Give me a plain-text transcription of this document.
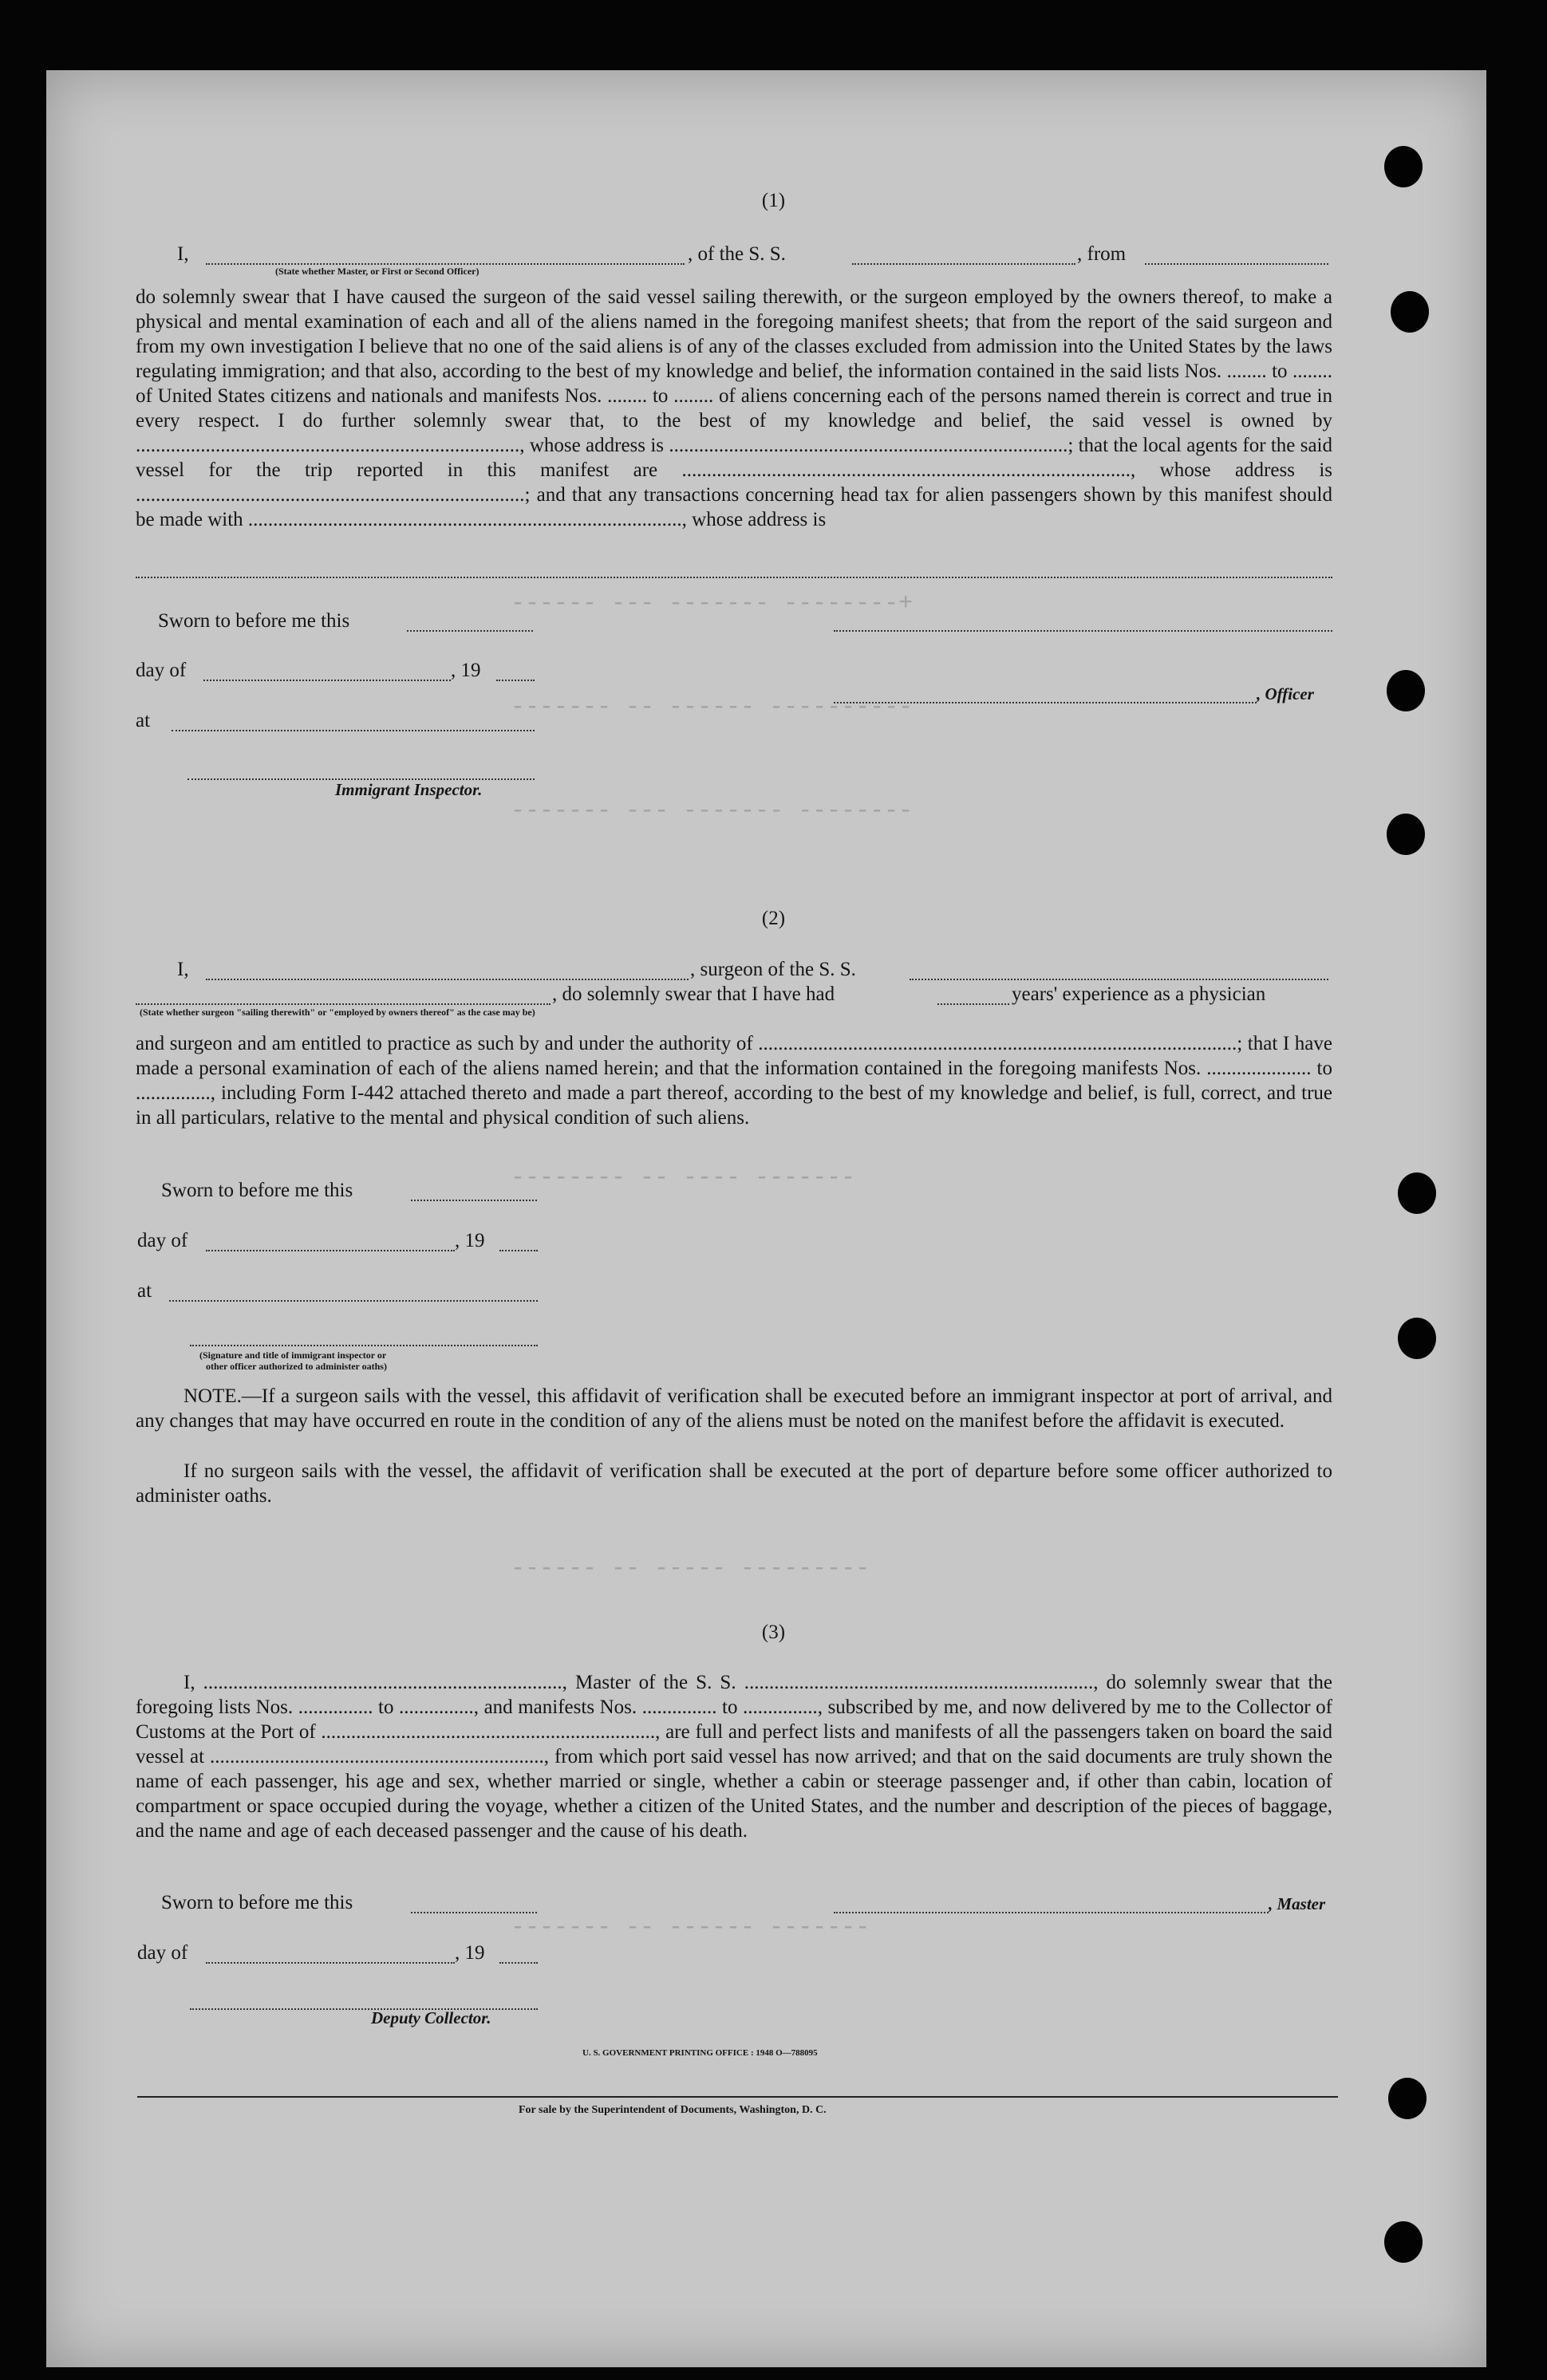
+-------- ------- --- ------
---------- ------ -- -------
-------- ------- --- -------
------- ---- -- --------
--------- ----- -- ------
------- ------ -- -------
(1)
I,	, of the S. S.	, from
(State whether Master, or First or Second Officer)
do solemnly swear that I have caused the surgeon of the said vessel sailing therewith, or the surgeon employed by the owners thereof, to make a physical and mental examination of each and all of the aliens named in the foregoing manifest sheets; that from the report of the said surgeon and from my own investigation I believe that no one of the said aliens is of any of the classes excluded from admission into the United States by the laws regulating immigration; and that also, according to the best of my knowledge and belief, the information contained in the said lists Nos. ........ to ........ of United States citizens and nationals and manifests Nos. ........ to ........ of aliens concerning each of the persons named therein is correct and true in every respect. I do further solemnly swear that, to the best of my knowledge and belief, the said vessel is owned by ............................................................................., whose address is ................................................................................; that the local agents for the said vessel for the trip reported in this manifest are .........................................................................................., whose address is ..............................................................................; and that any transactions concerning head tax for alien passengers shown by this manifest should be made with ......................................................................................., whose address is
Sworn to before me this
day of	, 19
, Officer
at
Immigrant Inspector.
(2)
I,	, surgeon of the S. S.
, do solemnly swear that I have had	years' experience as a physician
(State whether surgeon "sailing therewith" or "employed by owners thereof" as the case may be)
and surgeon and am entitled to practice as such by and under the authority of ................................................................................................; that I have made a personal examination of each of the aliens named herein; and that the information contained in the foregoing manifests Nos. ..................... to ..............., including Form I-442 attached thereto and made a part thereof, according to the best of my knowledge and belief, is full, correct, and true in all particulars, relative to the mental and physical condition of such aliens.
Sworn to before me this
day of	, 19
at
(Signature and title of immigrant inspector or
other officer authorized to administer oaths)
NOTE.—If a surgeon sails with the vessel, this affidavit of verification shall be executed before an immigrant inspector at port of arrival, and any changes that may have occurred en route in the condition of any of the aliens must be noted on the manifest before the affidavit is executed.
If no surgeon sails with the vessel, the affidavit of verification shall be executed at the port of departure before some officer authorized to administer oaths.
(3)
I, ........................................................................, Master of the S. S. ......................................................................, do solemnly swear that the foregoing lists Nos. ............... to ..............., and manifests Nos. ............... to ..............., subscribed by me, and now delivered by me to the Collector of Customs at the Port of ..................................................................., are full and perfect lists and manifests of all the passengers taken on board the said vessel at ..................................................................., from which port said vessel has now arrived; and that on the said documents are truly shown the name of each passenger, his age and sex, whether married or single, whether a cabin or steerage passenger and, if other than cabin, location of compartment or space occupied during the voyage, whether a citizen of the United States, and the number and description of the pieces of baggage, and the name and age of each deceased passenger and the cause of his death.
Sworn to before me this	, Master
day of	, 19
Deputy Collector.
U. S. GOVERNMENT PRINTING OFFICE : 1948 O—788095
For sale by the Superintendent of Documents, Washington, D. C.
